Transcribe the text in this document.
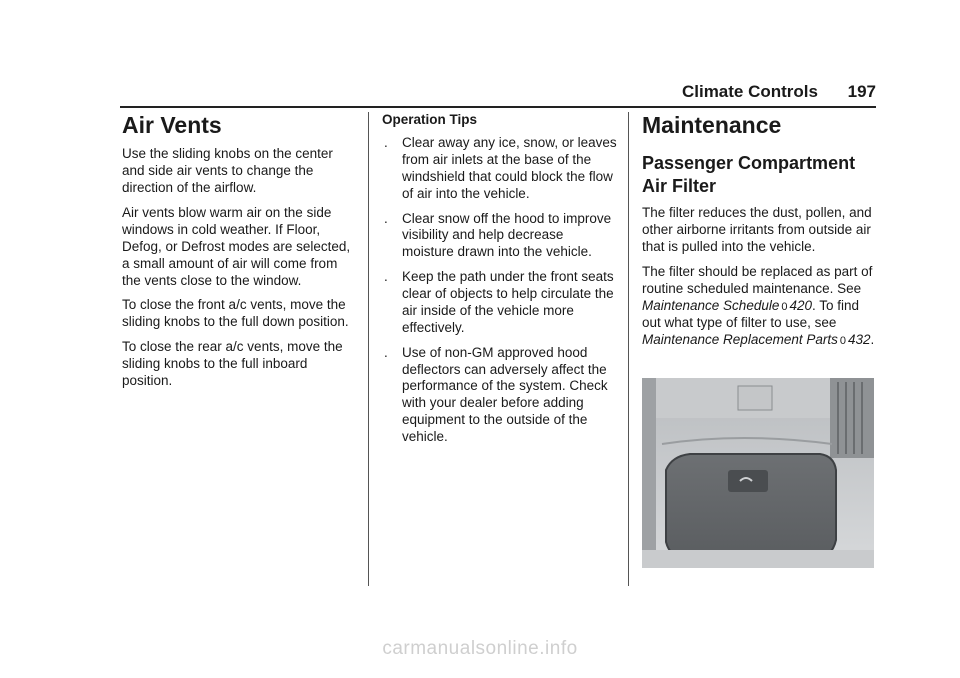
Climate Controls 197
Air Vents

Use the sliding knobs on the center and side air vents to change the direction of the airflow.

Air vents blow warm air on the side windows in cold weather. If Floor, Defog, or Defrost modes are selected, a small amount of air will come from the vents close to the window.

To close the front a/c vents, move the sliding knobs to the full down position.

To close the rear a/c vents, move the sliding knobs to the full inboard position.

Operation Tips
. Clear away any ice, snow, or leaves from air inlets at the base of the windshield that could block the flow of air into the vehicle.
. Clear snow off the hood to improve visibility and help decrease moisture drawn into the vehicle.
. Keep the path under the front seats clear of objects to help circulate the air inside of the vehicle more effectively.
. Use of non-GM approved hood deflectors can adversely affect the performance of the system. Check with your dealer before adding equipment to the outside of the vehicle.
Maintenance
Passenger Compartment Air Filter

The filter reduces the dust, pollen, and other airborne irritants from outside air that is pulled into the vehicle.

The filter should be replaced as part of routine scheduled maintenance. See Maintenance Schedule 0 420. To find out what type of filter to use, see Maintenance Replacement Parts 0 432.

carmanualsonline.info
